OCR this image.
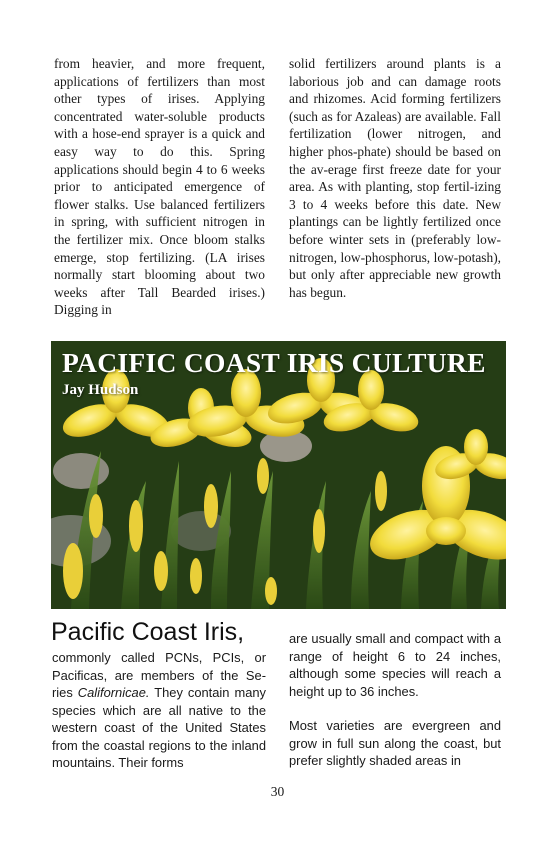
from heavier, and more frequent, applications of fertilizers than most other types of irises. Applying concentrated water-soluble products with a hose-end sprayer is a quick and easy way to do this. Spring applications should begin 4 to 6 weeks prior to anticipated emergence of flower stalks. Use balanced fertilizers in spring, with sufficient nitrogen in the fertilizer mix. Once bloom stalks emerge, stop fertilizing. (LA irises normally start blooming about two weeks after Tall Bearded irises.) Digging in

solid fertilizers around plants is a laborious job and can damage roots and rhizomes. Acid forming fertilizers (such as for Azaleas) are available. Fall fertilization (lower nitrogen, and higher phos-phate) should be based on the av-erage first freeze date for your area. As with planting, stop fertil-izing 3 to 4 weeks before this date. New plantings can be lightly fertilized once before winter sets in (preferably low-nitrogen, low-phosphorus, low-potash), but only after appreciable new growth has begun.

PACIFIC COAST IRIS CULTURE
Jay Hudson
Pacific Coast Iris,

commonly called PCNs, PCIs, or Pacificas, are members of the Se-ries Californicae. They contain many species which are all native to the western coast of the United States from the coastal regions to the inland mountains. Their forms

are usually small and compact with a range of height 6 to 24 inches, although some species will reach a height up to 36 inches.

Most varieties are evergreen and grow in full sun along the coast, but prefer slightly shaded areas in

30
